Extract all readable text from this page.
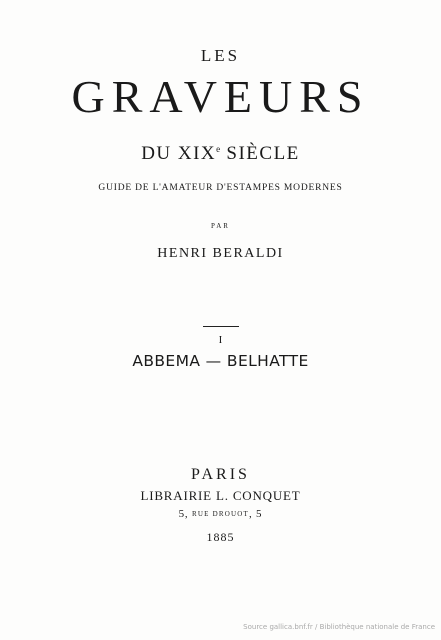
LES
GRAVEURS
DU XIXe SIÈCLE
GUIDE DE L'AMATEUR D'ESTAMPES MODERNES
PAR
HENRI BERALDI
I
ABBEMA — BELHATTE
PARIS
LIBRAIRIE L. CONQUET
5, RUE DROUOT, 5
1885
Source gallica.bnf.fr / Bibliothèque nationale de France
